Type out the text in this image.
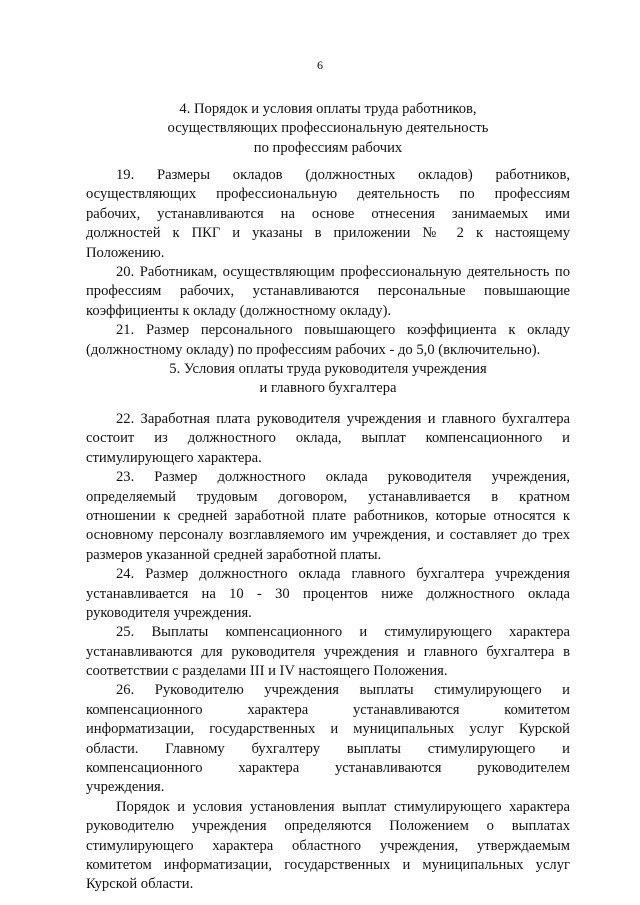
6
4. Порядок и условия оплаты труда работников,
осуществляющих профессиональную деятельность
по профессиям рабочих
19. Размеры окладов (должностных окладов) работников,
осуществляющих профессиональную деятельность по профессиям
рабочих, устанавливаются на основе отнесения занимаемых ими
должностей к ПКГ и указаны в приложении № 2 к настоящему
Положению.
20. Работникам, осуществляющим профессиональную деятельность по
профессиям рабочих, устанавливаются персональные повышающие
коэффициенты к окладу (должностному окладу).
21. Размер персонального повышающего коэффициента к окладу
(должностному окладу) по профессиям рабочих - до 5,0 (включительно).
5. Условия оплаты труда руководителя учреждения
и главного бухгалтера
22. Заработная плата руководителя учреждения и главного бухгалтера
состоит из должностного оклада, выплат компенсационного и
стимулирующего характера.
23. Размер должностного оклада руководителя учреждения,
определяемый трудовым договором, устанавливается в кратном
отношении к средней заработной плате работников, которые относятся к
основному персоналу возглавляемого им учреждения, и составляет до трех
размеров указанной средней заработной платы.
24. Размер должностного оклада главного бухгалтера учреждения
устанавливается на 10 - 30 процентов ниже должностного оклада
руководителя учреждения.
25. Выплаты компенсационного и стимулирующего характера
устанавливаются для руководителя учреждения и главного бухгалтера в
соответствии с разделами III и IV настоящего Положения.
26. Руководителю учреждения выплаты стимулирующего и
компенсационного характера устанавливаются комитетом
информатизации, государственных и муниципальных услуг Курской
области. Главному бухгалтеру выплаты стимулирующего и
компенсационного характера устанавливаются руководителем
учреждения.
Порядок и условия установления выплат стимулирующего характера
руководителю учреждения определяются Положением о выплатах
стимулирующего характера областного учреждения, утверждаемым
комитетом информатизации, государственных и муниципальных услуг
Курской области.
